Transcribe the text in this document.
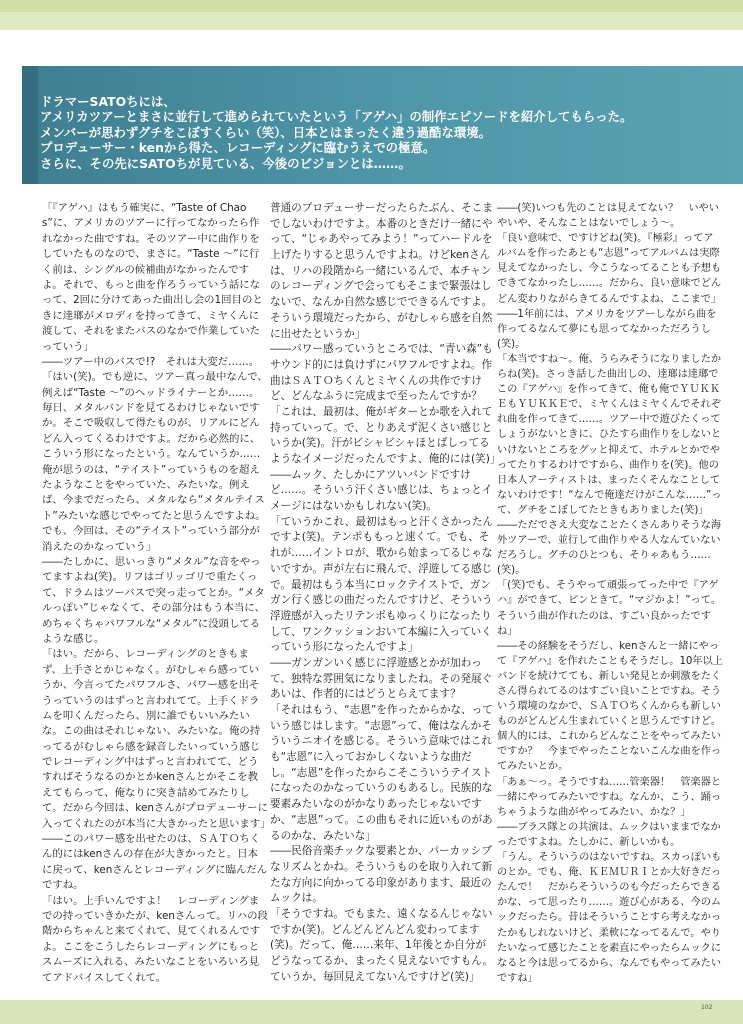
ドラマーSATOちには、
アメリカツアーとまさに並行して進められていたという「アゲハ」の制作エピソードを紹介してもらった。
メンバーが思わずグチをこぼすくらい（笑）、日本とはまったく違う過酷な環境。
プロデューサー・kenから得た、レコーディングに臨むうえでの極意。
さらに、その先にSATOちが見ている、今後のビジョンとは……。
「『アゲハ』はもう確実に、“Taste of Chaos”に、アメリカのツアーに行ってなかったら作れなかった曲ですね。そのツアー中に曲作りをしていたものなので、まさに。“Taste ～”に行く前は、シングルの候補曲がなかったんですよ。それで、もっと曲を作ろうっていう話になって、2回に分けてあった曲出し会の1回目のときに逹瑯がメロディを持ってきて、ミヤくんに渡して、それをまたバスのなかで作業していたっていう」
――ツアー中のバスで!?　それは大変だ……。
「はい(笑)。でも逆に、ツアー真っ最中なんで、例えば“Taste ～”のヘッドライナーとか……。毎日、メタルバンドを見てるわけじゃないですか。そこで吸収して得たものが、リアルにどんどん入ってくるわけですよ。だから必然的に、こういう形になったという。なんていうか……俺が思うのは、“テイスト”っていうものを超えたようなことをやっていた、みたいな。例えば、今までだったら、メタルなら“メタルテイスト”みたいな感じでやってたと思うんですよね。でも、今回は、その“テイスト”っていう部分が消えたのかなっていう」
――たしかに、思いっきり“メタル”な音をやってますよね(笑)。リフはゴリッゴリで重たくって、ドラムはツーバスで突っ走ってとか。“メタルっぽい”じゃなくて、その部分はもう本当に、めちゃくちゃパワフルな“メタル”に没頭してるような感じ。
「はい。だから、レコーディングのときもまず、上手さとかじゃなく。がむしゃら感っていうか、今言ってたパワフルさ、パワー感を出そうっていうのはずっと言われてて。上手くドラムを叩くんだったら、別に誰でもいいみたいな。この曲はそれじゃない、みたいな。俺の持ってるがむしゃら感を録音したいっていう感じでレコーディング中はずっと言われてて、どうすればそうなるのかとかkenさんとかそこを教えてもらって、俺なりに突き詰めてみたりして。だから今回は、kenさんがプロデューサーに入ってくれたのが本当に大きかったと思います」
――このパワー感を出せたのは、ＳＡＴＯちくん的にはkenさんの存在が大きかったと。日本に戻って、kenさんとレコーディングに臨んだんですね。
「はい。上手いんですよ！　レコーディングまでの持っていきかたが、kenさんって。リハの段階からちゃんと来てくれて、見てくれるんですよ。ここをこうしたらレコーディングにもっとスムーズに入れる、みたいなことをいろいろ見てアドバイスしてくれて。
普通のプロデューサーだったらたぶん、そこまでしないわけですよ。本番のときだけ一緒にやって、“じゃあやってみよう！”ってハードルを上げたりすると思うんですよね。けどkenさんは、リハの段階から一緒にいるんで、本チャンのレコーディングで会ってもそこまで緊張はしないで、なんか自然な感じでできるんですよ。そういう環境だったから、がむしゃら感を自然に出せたというか」
――パワー感っていうところでは、“青い森”もサウンド的には負けずにパワフルですよね。作曲はＳＡＴＯちくんとミヤくんの共作ですけど、どんなふうに完成まで至ったんですか？
「これは、最初は、俺がギターとか歌を入れて持っていって。で、とりあえず泥くさい感じというか(笑)。汗がビシャビシャほとばしってるようなイメージだったんですよ、俺的には(笑)」
――ムック、たしかにアツいバンドですけど……。そういう汗くさい感じは、ちょっとイメージにはないかもしれない(笑)。
「ていうかこれ、最初はもっと汗くさかったんですよ(笑)。テンポももっと速くて。でも、それが……イントロが、歌から始まってるじゃないですか。声が左右に飛んで、浮遊してる感じで。最初はもう本当にロックテイストで、ガンガン行く感じの曲だったんですけど、そういう浮遊感が入ったリテンポもゆっくりになったりして、ワンクッションおいて本編に入っていくっていう形になったんですよ」
――ガンガンいく感じに浮遊感とかが加わって、独特な雰囲気になりましたね。その発展ぐあいは、作者的にはどうとらえてます？
「それはもう、“志恩”を作ったからかな、っていう感じはします。“志恩”って、俺はなんかそういうニオイを感じる。そういう意味ではこれも“志恩”に入っておかしくないような曲だし。“志恩”を作ったからこそこういうテイストになったのかなっていうのもあるし。民族的な要素みたいなのがかなりあったじゃないですか、“志恩”って。この曲もそれに近いものがあるのかな、みたいな」
――民俗音楽チックな要素とか、パーカッシブなリズムとかね。そういうものを取り入れて新たな方向に向かってる印象があります、最近のムックは。
「そうですね。でもまた、遠くなるんじゃないですか(笑)。どんどんどんどん変わってます(笑)。だって、俺……来年、1年後とか自分がどうなってるか、まったく見えないですもん。ていうか、毎回見えてないんですけど(笑)」
――(笑)いつも先のことは見えてない？　いやいやいや、そんなことはないでしょう～。
「良い意味で、ですけどね(笑)。『極彩』ってアルバムを作ったあとも“志恩”ってアルバムは実際見えてなかったし、今こうなってることも予想もできてなかったし……。だから、良い意味でどんどん変わりながらきてるんですよね、ここまで」
――1年前には、アメリカをツアーしながら曲を作ってるなんて夢にも思ってなかっただろうし(笑)。
「本当ですね～。俺、うらみそうになりましたからね(笑)。さっき話した曲出しの、逹瑯は逹瑯でこの『アゲハ』を作ってきて、俺も俺でＹＵＫＫＥもＹＵＫＫＥで、ミヤくんはミヤくんでそれぞれ曲を作ってきて……。ツアー中で遊びたくってしょうがないときに、ひたすら曲作りをしないといけないところをグッと抑えて、ホテルとかでやってたりするわけですから、曲作りを(笑)。他の日本人アーティストは、まったくそんなことしてないわけです！“なんで俺達だけがこんな……”って、グチをこぼしてたときもありました(笑)」
――ただでさえ大変なことたくさんありそうな海外ツアーで、並行して曲作りやる人なんていないだろうし。グチのひとつも、そりゃあもう……(笑)。
「(笑)でも、そうやって頑張ってった中で『アゲハ』ができて、ピンときて。“マジかよ！”って。そういう曲が作れたのは、すごい良かったですね」
――その経験をそうだし、kenさんと一緒にやって『アゲハ』を作れたこともそうだし。10年以上バンドを続けてても、新しい発見とか刺激をたくさん得られてるのはすごい良いことですね。そういう環境のなかで、ＳＡＴＯちくんからも新しいものがどんどん生まれていくと思うんですけど。個人的には、これからどんなことをやってみたいですか？　今までやったことないこんな曲を作ってみたいとか。
「あぁ～っ。そうですね……管楽器！　管楽器と一緒にやってみたいですね。なんか、こう、踊っちゃうような曲がやってみたい、かな？」
――ブラス隊との共演は、ムックはいままでなかったですよね。たしかに、新しいかも。
「うん。そういうのはないですね。スカっぽいものとか。でも、俺、ＫＥＭＵＲＩとか大好きだったんで！　だからそういうのも今だったらできるかな、って思ったり……。遊び心がある、今のムックだったら。昔はそういうことすら考えなかったかもしれないけど、柔軟になってるんで。やりたいなって感じたことを素直にやったらムックになると今は思ってるから、なんでもやってみたいですね」
102
